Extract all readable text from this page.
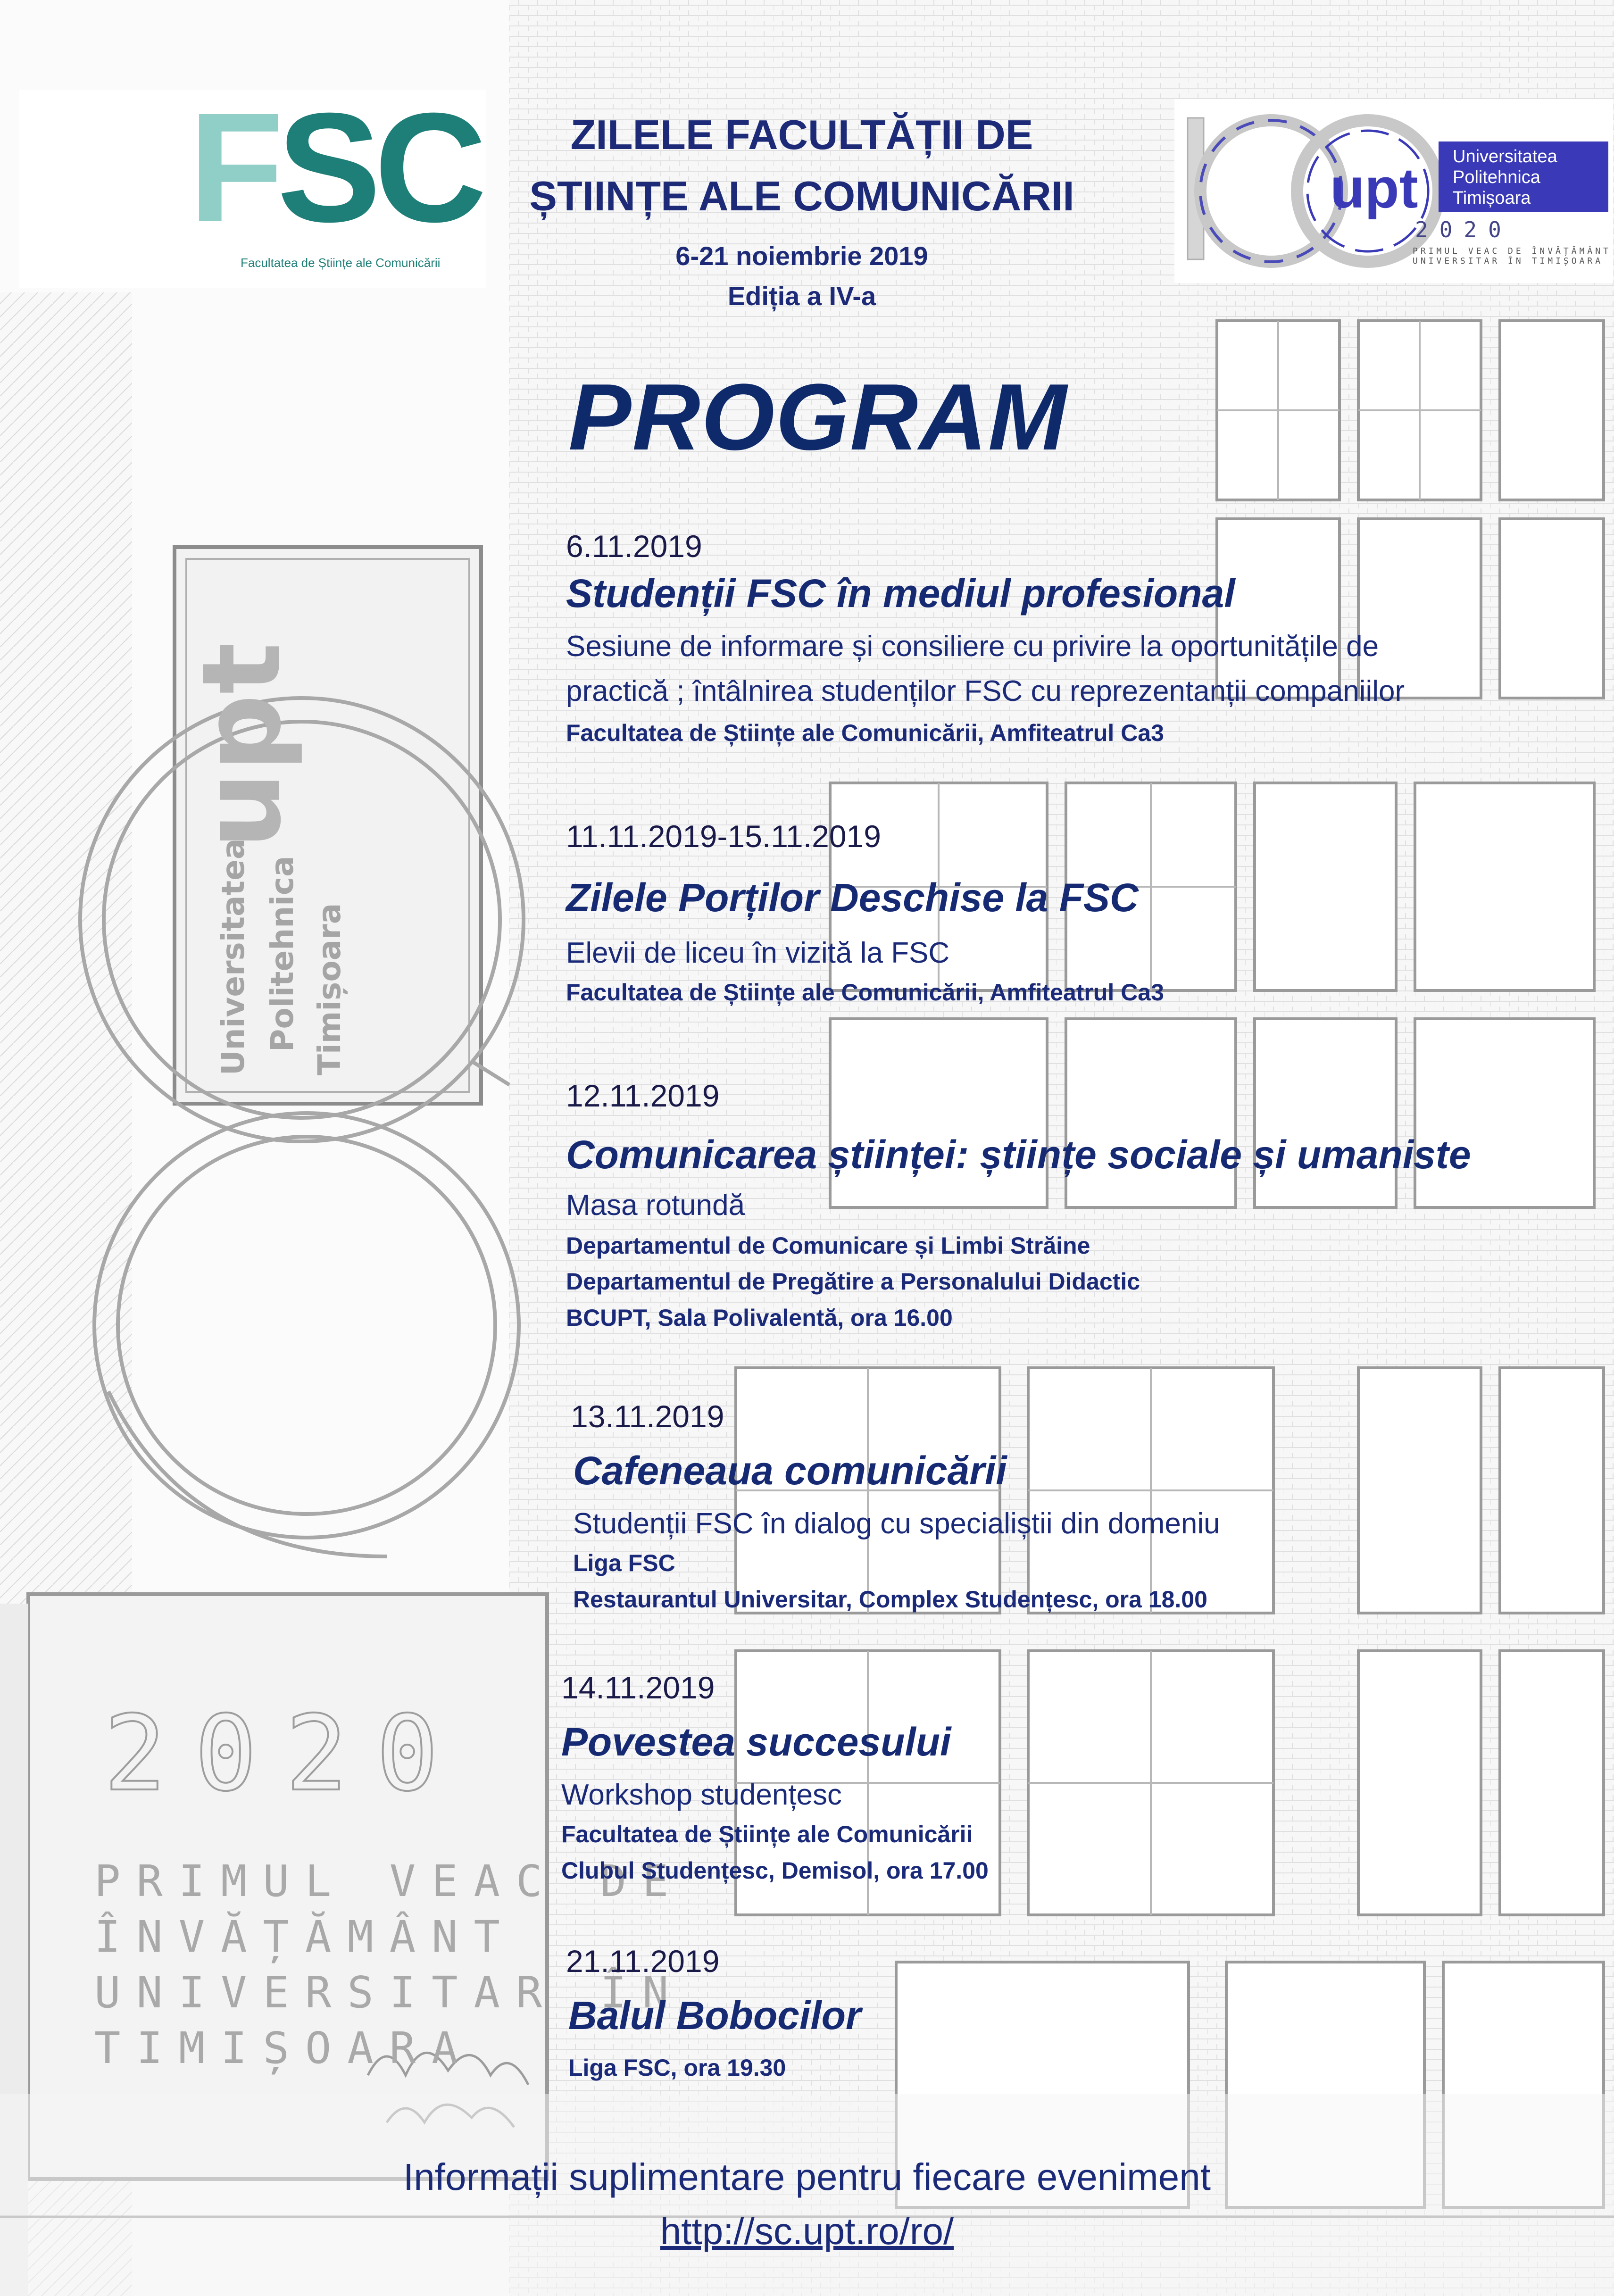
Universitatea Politehnica Timișoara
upt
2020
PRIMUL VEAC DE
ÎNVĂȚĂMÂNT
UNIVERSITAR ÎN
TIMIȘOARA
FSC
Facultatea de Științe ale Comunicării
ZILELE FACULTĂȚII DE
ȘTIINȚE ALE COMUNICĂRII
6-21 noiembrie 2019
Ediția a IV-a
upt Universitatea
Politehnica
Timișoara
2020
PRIMUL VEAC DE ÎNVĂȚĂMÂNT
UNIVERSITAR ÎN TIMIȘOARA
PROGRAM
6.11.2019
Studenții FSC în mediul profesional
Sesiune de informare și consiliere cu privire la oportunitățile de
practică ; întâlnirea studenților FSC cu reprezentanții companiilor
Facultatea de Științe ale Comunicării, Amfiteatrul Ca3
11.11.2019-15.11.2019
Zilele Porților Deschise la FSC
Elevii de liceu în vizită la FSC
Facultatea de Științe ale Comunicării, Amfiteatrul Ca3
12.11.2019
Comunicarea științei: științe sociale și umaniste
Masa rotundă
Departamentul de Comunicare și Limbi Străine
Departamentul de Pregătire a Personalului Didactic
BCUPT, Sala Polivalentă, ora 16.00
13.11.2019
Cafeneaua comunicării
Studenții FSC în dialog cu specialiștii din domeniu
Liga FSC
Restaurantul Universitar, Complex Studențesc, ora 18.00
14.11.2019
Povestea succesului
Workshop studențesc
Facultatea de Științe ale Comunicării
Clubul Studențesc, Demisol, ora 17.00
21.11.2019
Balul Bobocilor
Liga FSC, ora 19.30
Informații suplimentare pentru fiecare eveniment
http://sc.upt.ro/ro/
